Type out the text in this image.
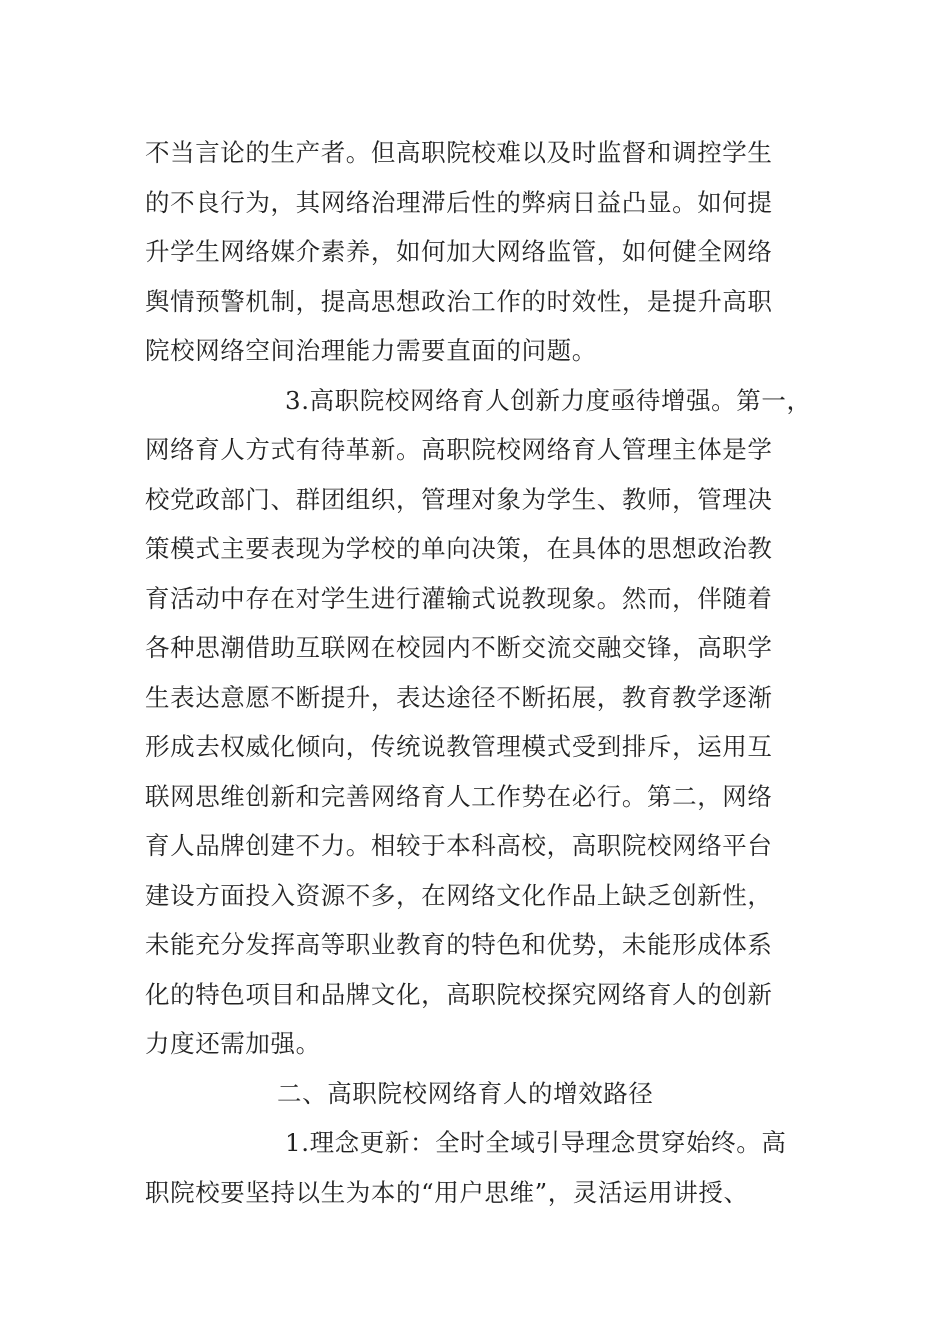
不当言论的生产者。但高职院校难以及时监督和调控学生
的不良行为，其网络治理滞后性的弊病日益凸显。如何提
升学生网络媒介素养，如何加大网络监管，如何健全网络
舆情预警机制，提高思想政治工作的时效性，是提升高职
院校网络空间治理能力需要直面的问题。
3.高职院校网络育人创新力度亟待增强。第一，
网络育人方式有待革新。高职院校网络育人管理主体是学
校党政部门、群团组织，管理对象为学生、教师，管理决
策模式主要表现为学校的单向决策，在具体的思想政治教
育活动中存在对学生进行灌输式说教现象。然而，伴随着
各种思潮借助互联网在校园内不断交流交融交锋，高职学
生表达意愿不断提升，表达途径不断拓展，教育教学逐渐
形成去权威化倾向，传统说教管理模式受到排斥，运用互
联网思维创新和完善网络育人工作势在必行。第二，网络
育人品牌创建不力。相较于本科高校，高职院校网络平台
建设方面投入资源不多，在网络文化作品上缺乏创新性，
未能充分发挥高等职业教育的特色和优势，未能形成体系
化的特色项目和品牌文化，高职院校探究网络育人的创新
力度还需加强。
二、高职院校网络育人的增效路径
1.理念更新：全时全域引导理念贯穿始终。高
职院校要坚持以生为本的“用户思维”，灵活运用讲授、
